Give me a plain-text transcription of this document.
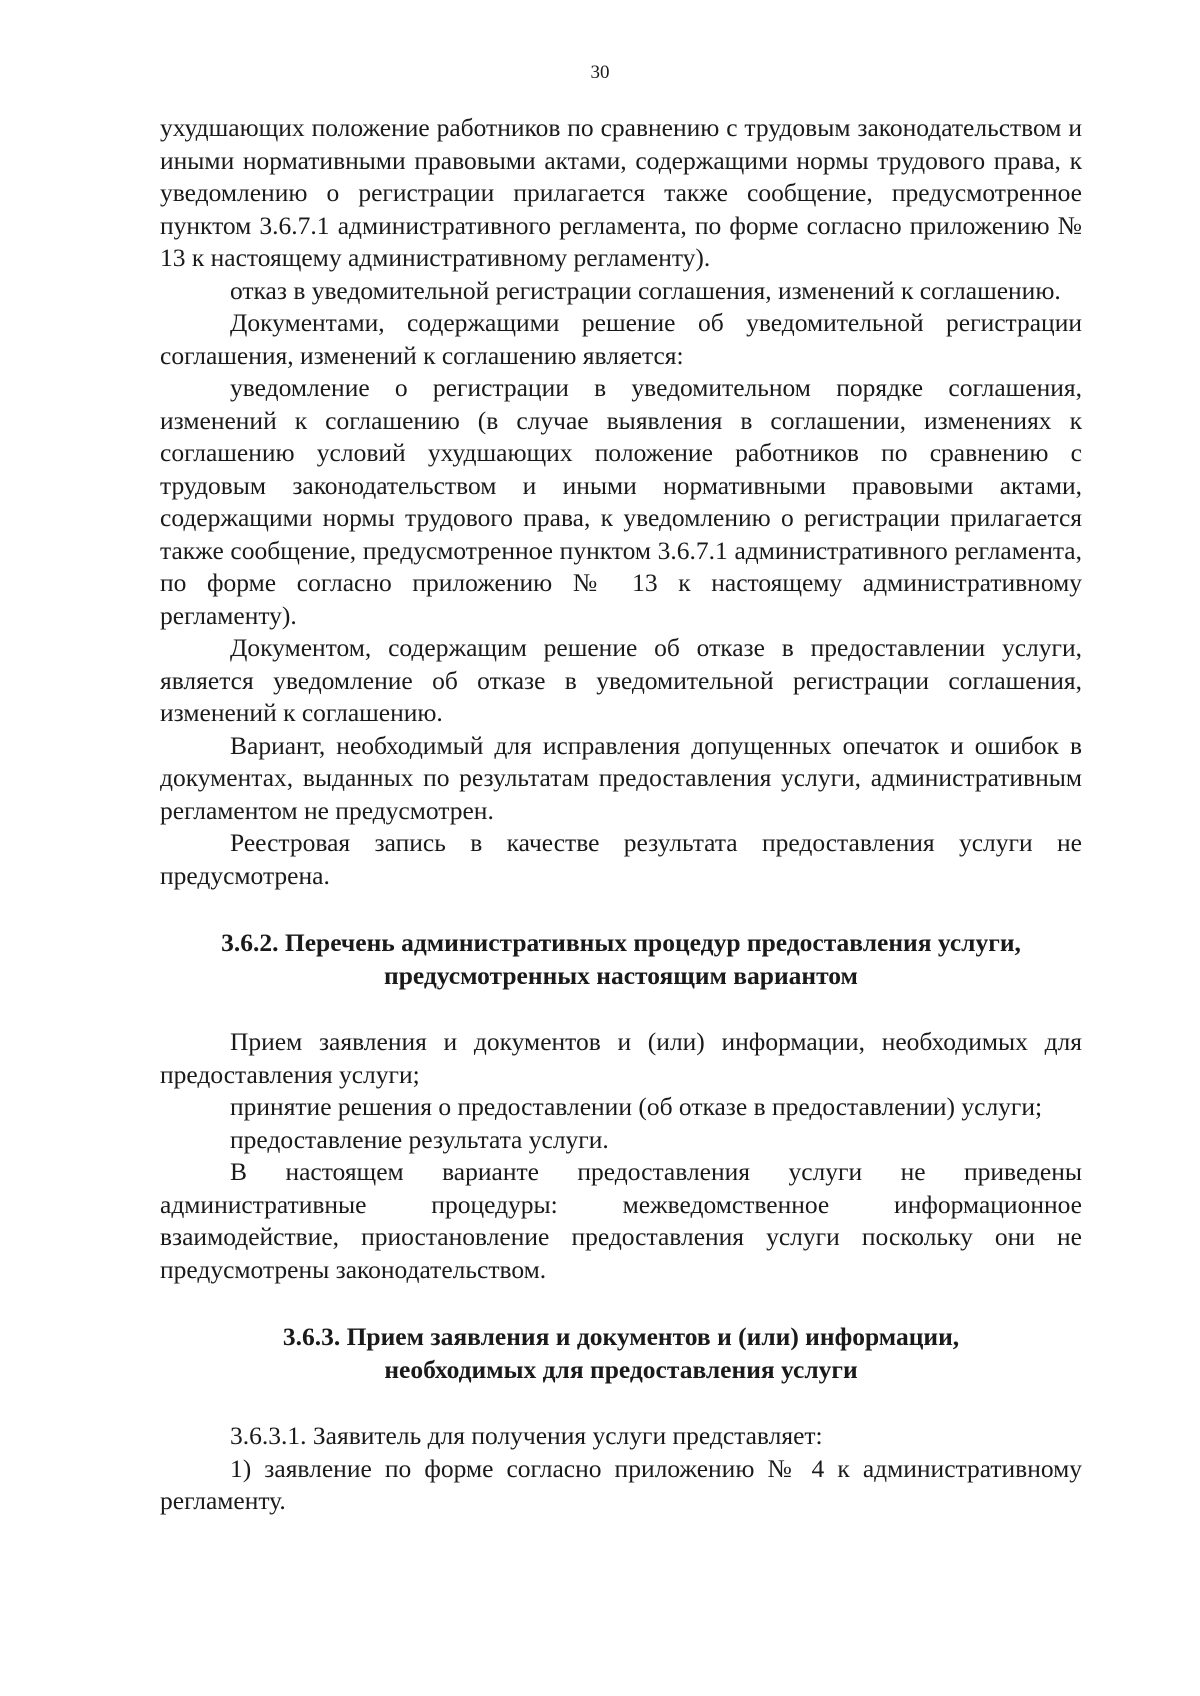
30

ухудшающих положение работников по сравнению с трудовым законодательством и иными нормативными правовыми актами, содержащими нормы трудового права, к уведомлению о регистрации прилагается также сообщение, предусмотренное пунктом 3.6.7.1 административного регламента, по форме согласно приложению № 13 к настоящему административному регламенту).

отказ в уведомительной регистрации соглашения, изменений к соглашению.

Документами, содержащими решение об уведомительной регистрации соглашения, изменений к соглашению является:

уведомление о регистрации в уведомительном порядке соглашения, изменений к соглашению (в случае выявления в соглашении, изменениях к соглашению условий ухудшающих положение работников по сравнению с трудовым законодательством и иными нормативными правовыми актами, содержащими нормы трудового права, к уведомлению о регистрации прилагается также сообщение, предусмотренное пунктом 3.6.7.1 административного регламента, по форме согласно приложению № 13 к настоящему административному регламенту).

Документом, содержащим решение об отказе в предоставлении услуги, является уведомление об отказе в уведомительной регистрации соглашения, изменений к соглашению.

Вариант, необходимый для исправления допущенных опечаток и ошибок в документах, выданных по результатам предоставления услуги, административным регламентом не предусмотрен.

Реестровая запись в качестве результата предоставления услуги не предусмотрена.

3.6.2. Перечень административных процедур предоставления услуги, предусмотренных настоящим вариантом

Прием заявления и документов и (или) информации, необходимых для предоставления услуги;

принятие решения о предоставлении (об отказе в предоставлении) услуги;

предоставление результата услуги.

В настоящем варианте предоставления услуги не приведены административные процедуры: межведомственное информационное взаимодействие, приостановление предоставления услуги поскольку они не предусмотрены законодательством.

3.6.3. Прием заявления и документов и (или) информации, необходимых для предоставления услуги

3.6.3.1. Заявитель для получения услуги представляет:

1) заявление по форме согласно приложению № 4 к административному регламенту.
